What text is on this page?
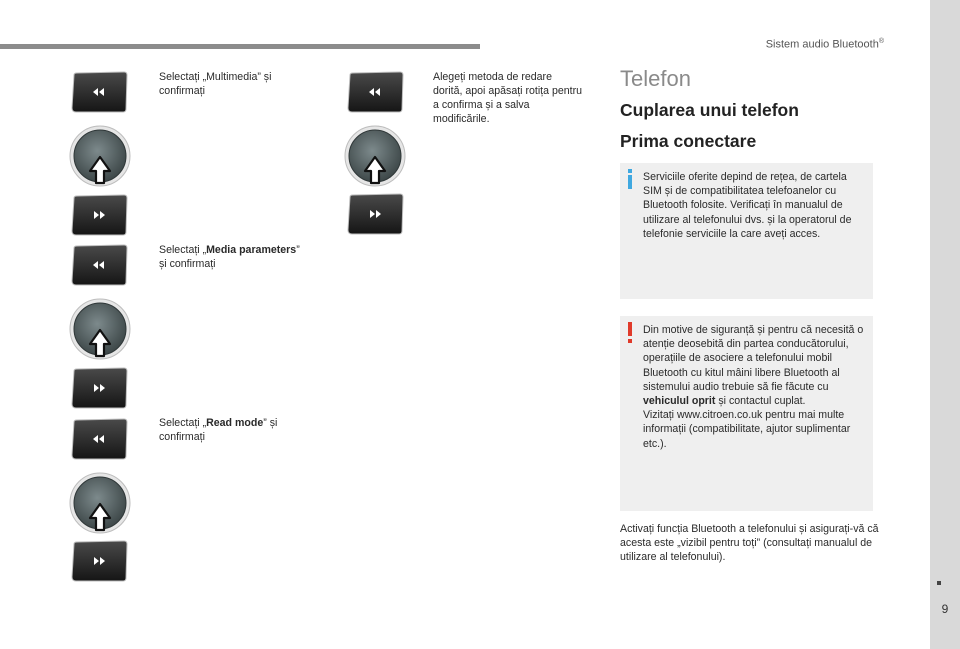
Sistem audio Bluetooth®
9
Selectați „Multimedia” și confirmați
Selectați „Media parameters” și confirmați
Selectați „Read mode” și confirmați
Alegeți metoda de redare dorită, apoi apăsați rotița pentru a confirma și a salva modificările.
Telefon
Cuplarea unui telefon
Prima conectare
Serviciile oferite depind de rețea, de cartela SIM și de compatibilitatea telefoanelor cu Bluetooth folosite. Verificați în manualul de utilizare al telefonului dvs. și la operatorul de telefonie serviciile la care aveți acces.
Din motive de siguranță și pentru că necesită o atenție deosebită din partea conducătorului, operațiile de asociere a telefonului mobil Bluetooth cu kitul mâini libere Bluetooth al sistemului audio trebuie să fie făcute cu vehiculul oprit și contactul cuplat.
Vizitați www.citroen.co.uk pentru mai multe informații (compatibilitate, ajutor suplimentar etc.).
Activați funcția Bluetooth a telefonului și asigurați-vă că acesta este „vizibil pentru toți” (consultați manualul de utilizare al telefonului).
